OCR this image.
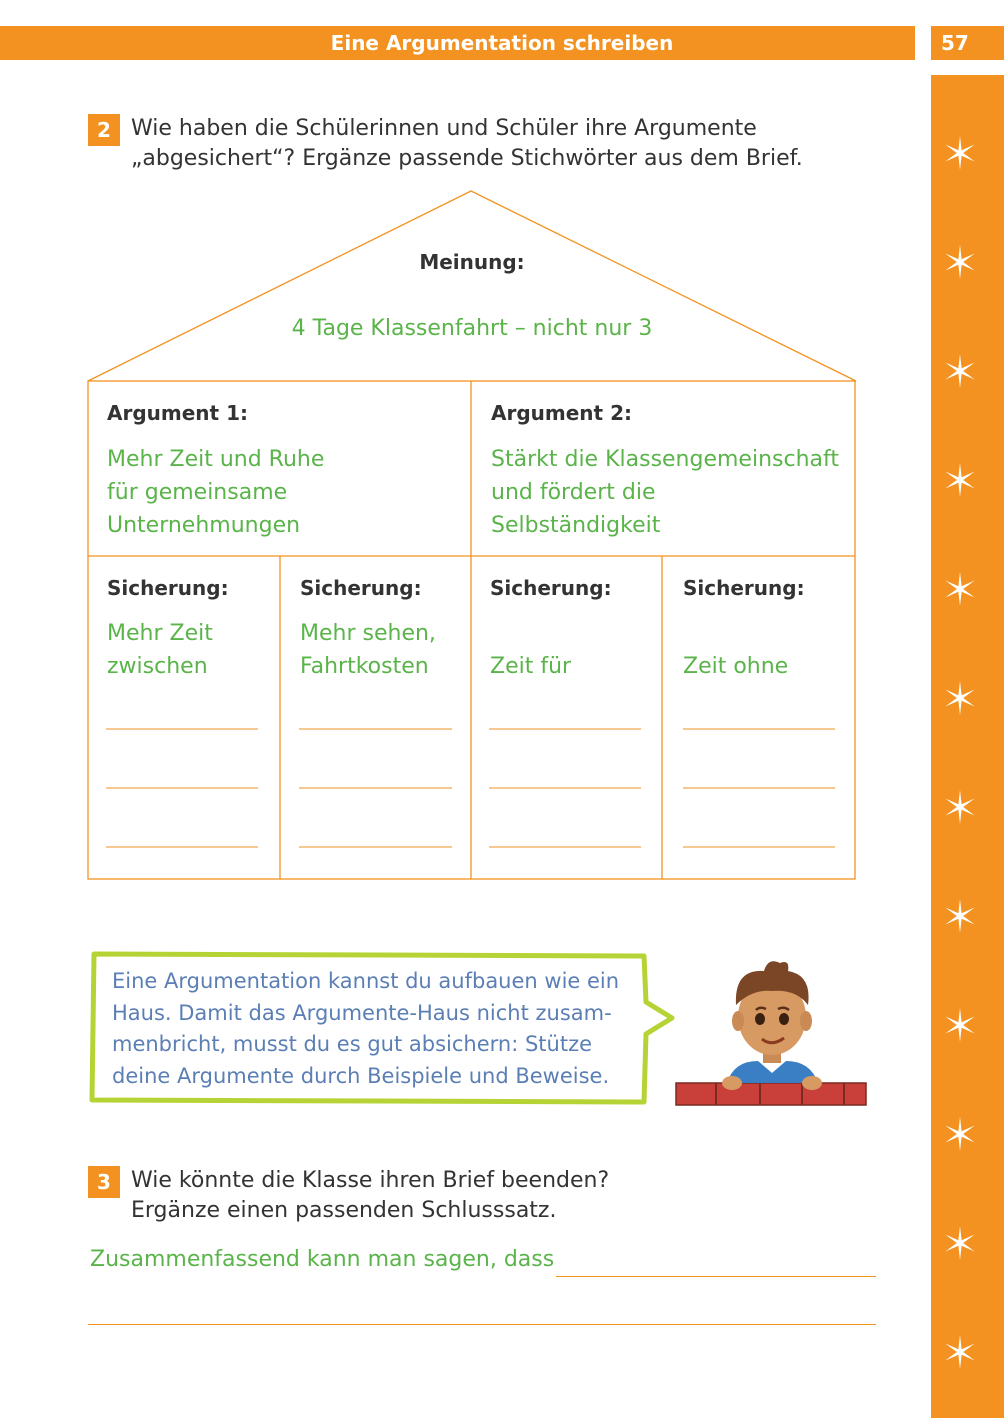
Eine Argumentation schreiben	57
2 Wie haben die Schülerinnen und Schüler ihre Argumente
„abgesichert“? Ergänze passende Stichwörter aus dem Brief.
Meinung:
4 Tage Klassenfahrt – nicht nur 3
Argument 1:
Mehr Zeit und Ruhe
für gemeinsame
Unternehmungen
Argument 2:
Stärkt die Klassengemeinschaft
und fördert die
Selbständigkeit
Sicherung:
Mehr Zeit
zwischen
Sicherung:
Mehr sehen,
Fahrtkosten
Sicherung:
Zeit für
Sicherung:
Zeit ohne
Eine Argumentation kannst du aufbauen wie ein
Haus. Damit das Argumente-Haus nicht zusam-
menbricht, musst du es gut absichern: Stütze
deine Argumente durch Beispiele und Beweise.
3 Wie könnte die Klasse ihren Brief beenden?
Ergänze einen passenden Schlusssatz.
Zusammenfassend kann man sagen, dass
